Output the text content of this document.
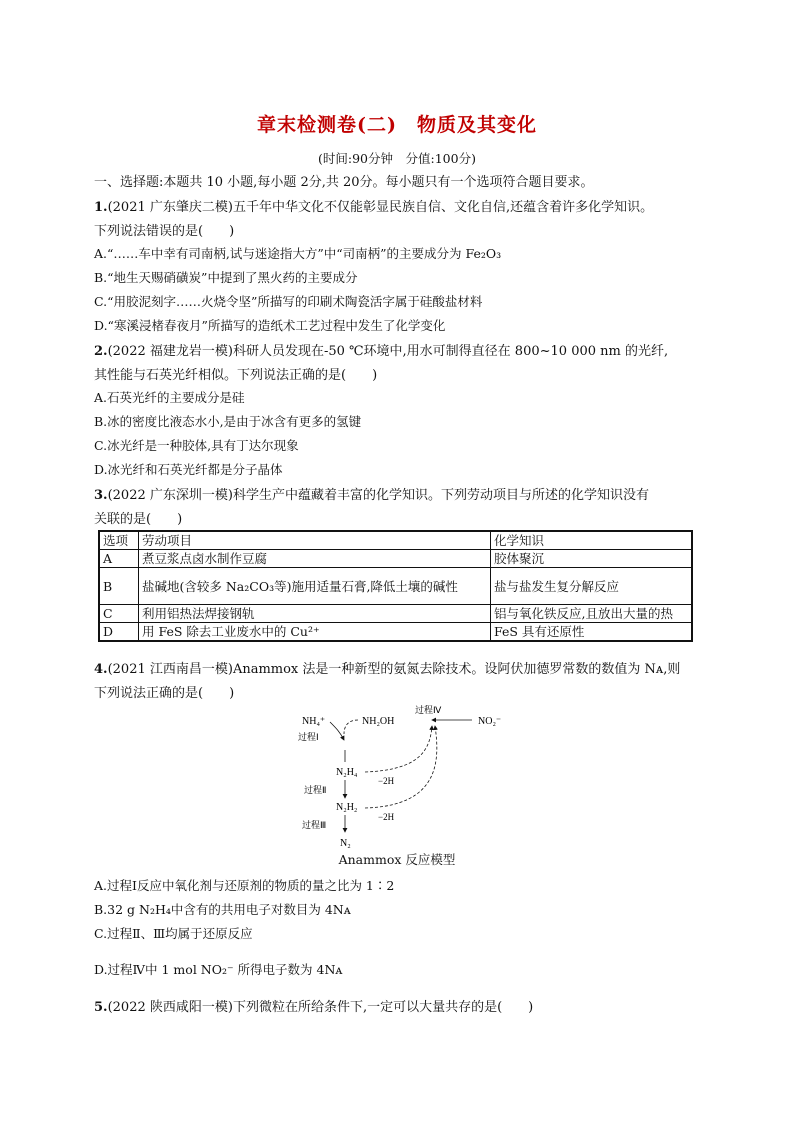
章末检测卷(二)　物质及其变化
(时间:90分钟　分值:100分)
一、选择题:本题共 10 小题,每小题 2分,共 20分。每小题只有一个选项符合题目要求。
1.(2021 广东肇庆二模)五千年中华文化不仅能彰显民族自信、文化自信,还蕴含着许多化学知识。
下列说法错误的是(　　)
A.“……车中幸有司南柄,试与迷途指大方”中“司南柄”的主要成分为 Fe₂O₃
B.“地生天赐硝磺炭”中提到了黑火药的主要成分
C.“用胶泥刻字……火烧令坚”所描写的印刷术陶瓷活字属于硅酸盐材料
D.“寒溪浸楮春夜月”所描写的造纸术工艺过程中发生了化学变化
2.(2022 福建龙岩一模)科研人员发现在-50 ℃环境中,用水可制得直径在 800~10 000 nm 的光纤,
其性能与石英光纤相似。下列说法正确的是(　　)
A.石英光纤的主要成分是硅
B.冰的密度比液态水小,是由于冰含有更多的氢键
C.冰光纤是一种胶体,具有丁达尔现象
D.冰光纤和石英光纤都是分子晶体
3.(2022 广东深圳一模)科学生产中蕴藏着丰富的化学知识。下列劳动项目与所述的化学知识没有
关联的是(　　)
选项	劳动项目	化学知识
A	煮豆浆点卤水制作豆腐	胶体聚沉
B	盐碱地(含较多 Na₂CO₃等)施用适量石膏,降低土壤的碱性	盐与盐发生复分解反应
C	利用铝热法焊接钢轨	铝与氧化铁反应,且放出大量的热
D	用 FeS 除去工业废水中的 Cu²⁺	FeS 具有还原性
4.(2021 江西南昌一模)Anammox 法是一种新型的氨氮去除技术。设阿伏加德罗常数的数值为 Nᴀ,则
下列说法正确的是(　　)
NH₄⁺	NH₂OH	NO₂⁻
过程Ⅳ
过程Ⅰ
N₂H₄
过程Ⅱ
N₂H₂
过程Ⅲ
N₂
−2H
−2H
Anammox 反应模型
A.过程Ⅰ反应中氧化剂与还原剂的物质的量之比为 1∶2
B.32 g N₂H₄中含有的共用电子对数目为 4Nᴀ
C.过程Ⅱ、Ⅲ均属于还原反应
D.过程Ⅳ中 1 mol NO₂⁻ 所得电子数为 4Nᴀ
5.(2022 陕西咸阳一模)下列微粒在所给条件下,一定可以大量共存的是(　　)
